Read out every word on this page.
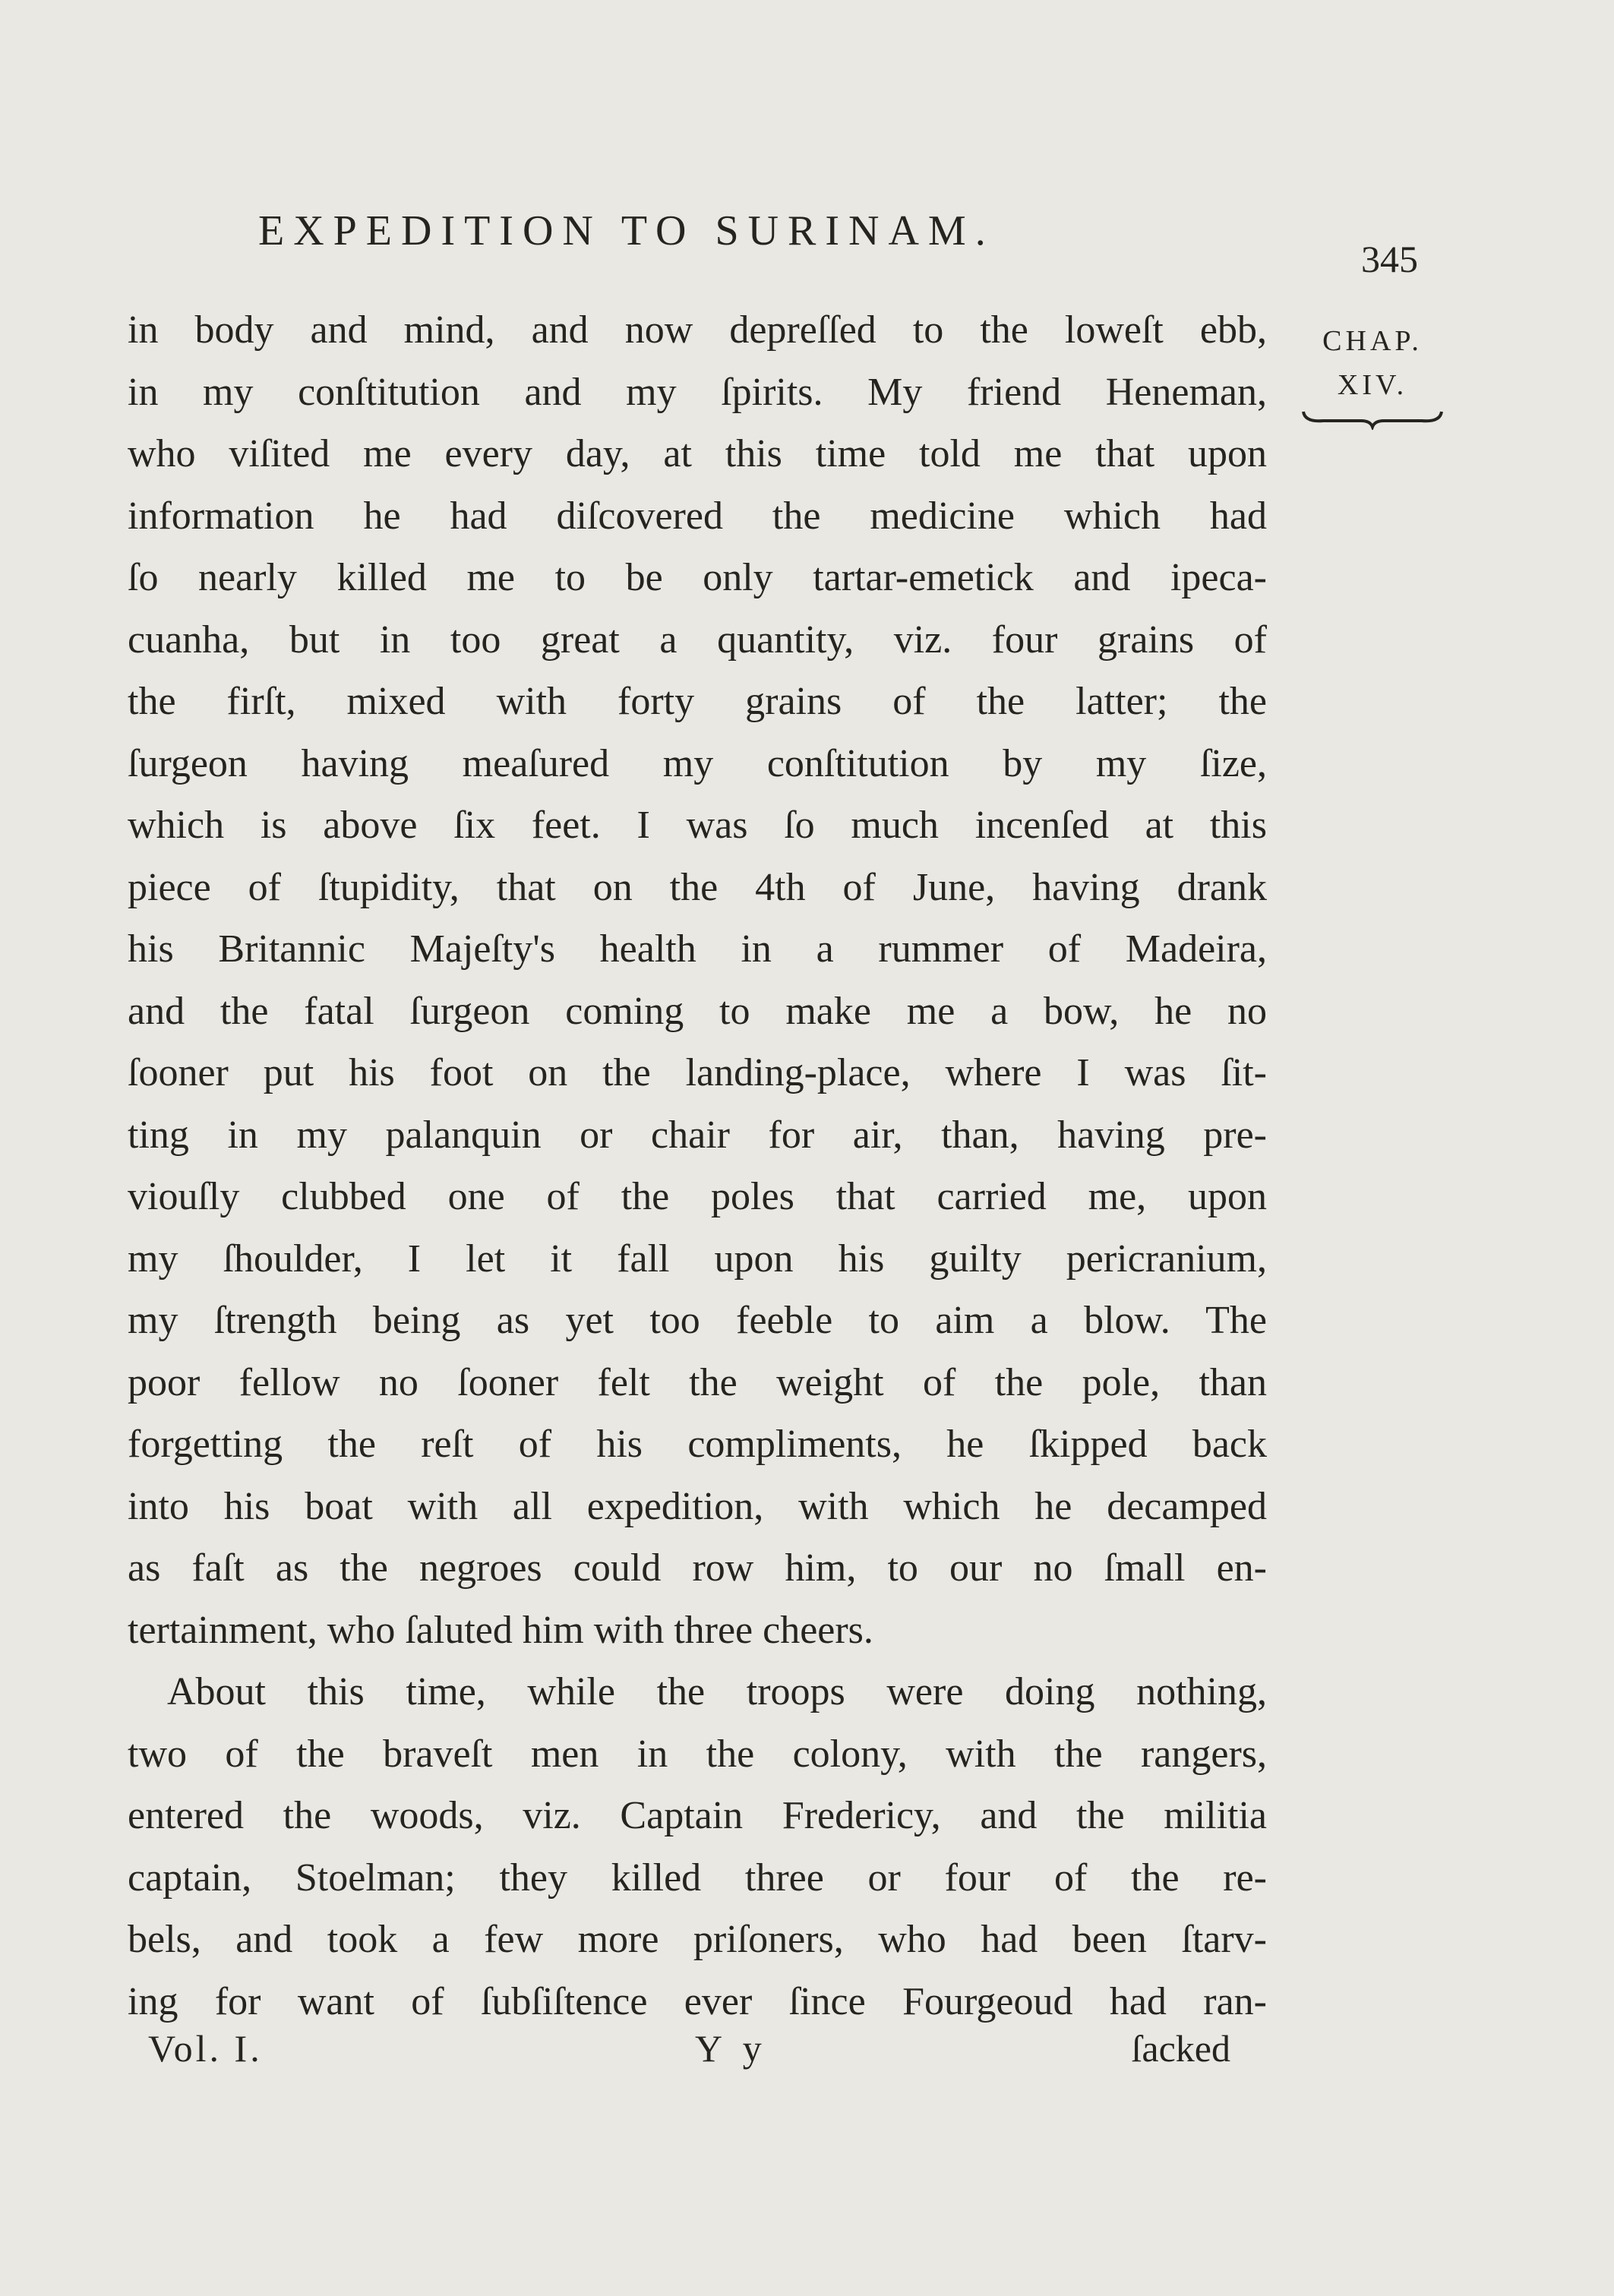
EXPEDITION TO SURINAM.
345
CHAP.
XIV.
in body and mind, and now depreſſed to the loweſt ebb,
in my conſtitution and my ſpirits. My friend Heneman,
who viſited me every day, at this time told me that upon
information he had diſcovered the medicine which had
ſo nearly killed me to be only tartar-emetick and ipeca-
cuanha, but in too great a quantity, viz. four grains of
the firſt, mixed with forty grains of the latter; the
ſurgeon having meaſured my conſtitution by my ſize,
which is above ſix feet. I was ſo much incenſed at this
piece of ſtupidity, that on the 4th of June, having drank
his Britannic Majeſty's health in a rummer of Madeira,
and the fatal ſurgeon coming to make me a bow, he no
ſooner put his foot on the landing-place, where I was ſit-
ting in my palanquin or chair for air, than, having pre-
viouſly clubbed one of the poles that carried me, upon
my ſhoulder, I let it fall upon his guilty pericranium,
my ſtrength being as yet too feeble to aim a blow. The
poor fellow no ſooner felt the weight of the pole, than
forgetting the reſt of his compliments, he ſkipped back
into his boat with all expedition, with which he decamped
as faſt as the negroes could row him, to our no ſmall en-
tertainment, who ſaluted him with three cheers.
About this time, while the troops were doing nothing,
two of the braveſt men in the colony, with the rangers,
entered the woods, viz. Captain Fredericy, and the militia
captain, Stoelman; they killed three or four of the re-
bels, and took a few more priſoners, who had been ſtarv-
ing for want of ſubſiſtence ever ſince Fourgeoud had ran-
Vol. I.	Y y	ſacked
